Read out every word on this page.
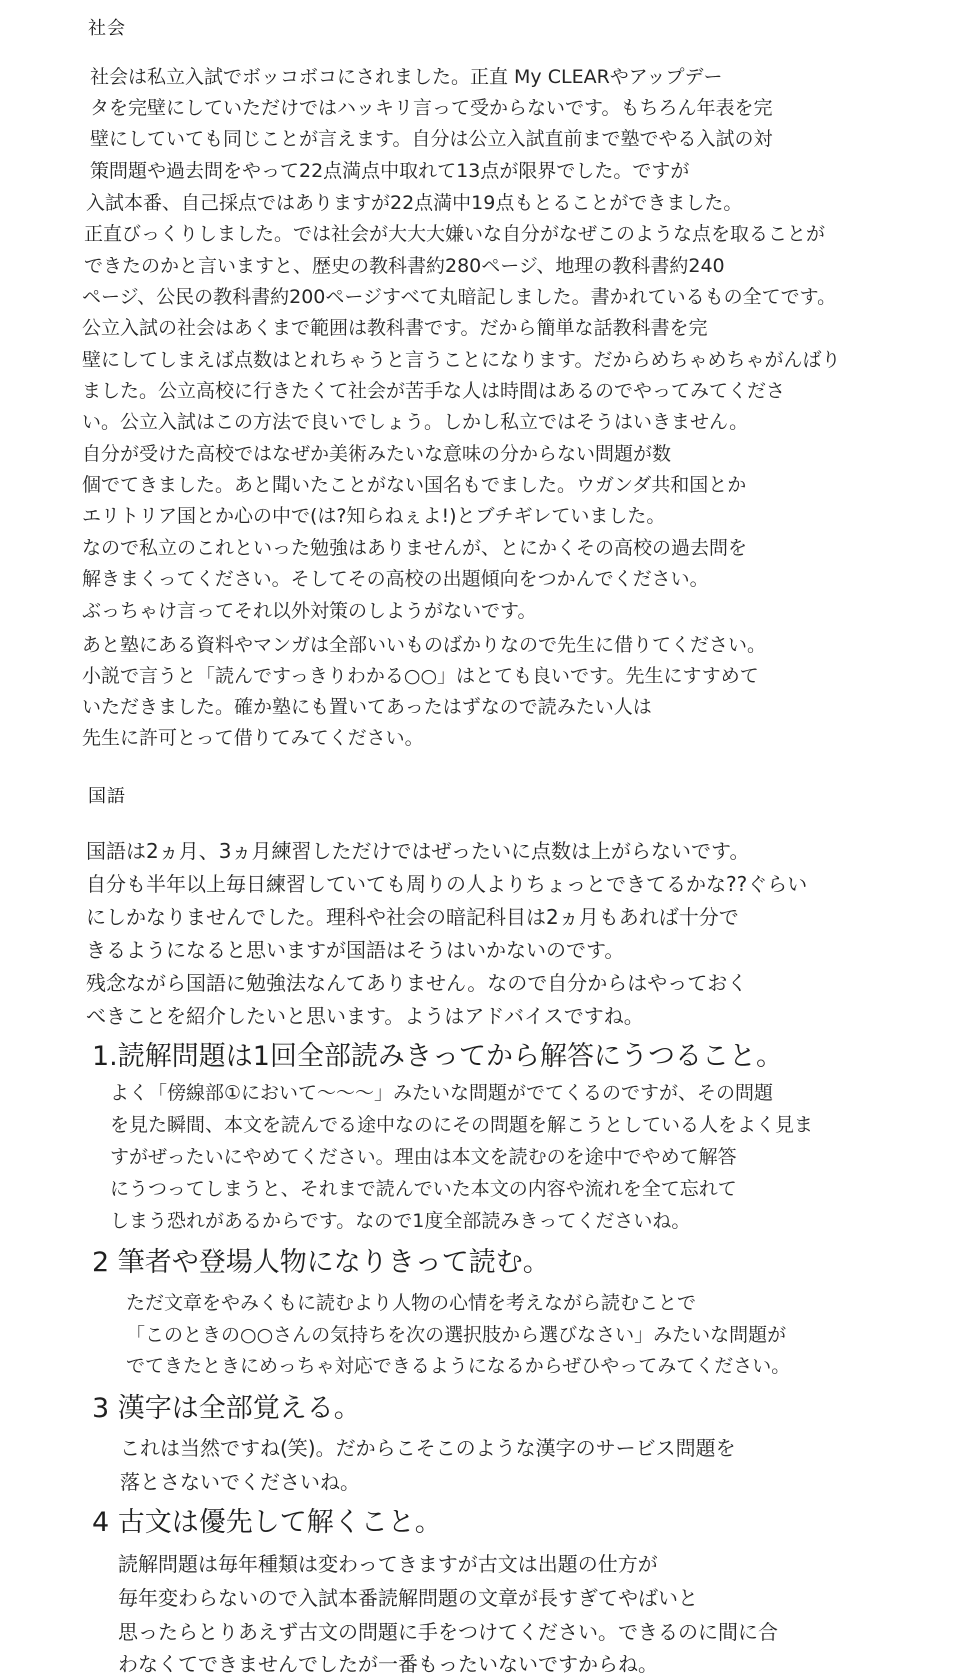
社会
国語
社会は私立入試でボッコボコにされました。正直 My CLEARやアップデー
タを完壁にしていただけではハッキリ言って受からないです。もちろん年表を完
壁にしていても同じことが言えます。自分は公立入試直前まで塾でやる入試の対
策問題や過去問をやって22点満点中取れて13点が限界でした。ですが
入試本番、自己採点ではありますが22点満中19点もとることができました。
正直びっくりしました。では社会が大大大嫌いな自分がなぜこのような点を取ることが
できたのかと言いますと、歴史の教科書約280ページ、地理の教科書約240
ページ、公民の教科書約200ページすべて丸暗記しました。書かれているもの全てです。
公立入試の社会はあくまで範囲は教科書です。だから簡単な話教科書を完
壁にしてしまえば点数はとれちゃうと言うことになります。だからめちゃめちゃがんばり
ました。公立高校に行きたくて社会が苦手な人は時間はあるのでやってみてくださ
い。公立入試はこの方法で良いでしょう。しかし私立ではそうはいきません。
自分が受けた高校ではなぜか美術みたいな意味の分からない問題が数
個でてきました。あと聞いたことがない国名もでました。ウガンダ共和国とか
エリトリア国とか心の中で(は?知らねぇよ!)とブチギレていました。
なので私立のこれといった勉強はありませんが、とにかくその高校の過去問を
解きまくってください。そしてその高校の出題傾向をつかんでください。
ぶっちゃけ言ってそれ以外対策のしようがないです。
あと塾にある資料やマンガは全部いいものばかりなので先生に借りてください。
小説で言うと「読んですっきりわかる○○」はとても良いです。先生にすすめて
いただきました。確か塾にも置いてあったはずなので読みたい人は
先生に許可とって借りてみてください。
国語は2ヵ月、3ヵ月練習しただけではぜったいに点数は上がらないです。
自分も半年以上毎日練習していても周りの人よりちょっとできてるかな??ぐらい
にしかなりませんでした。理科や社会の暗記科目は2ヵ月もあれば十分で
きるようになると思いますが国語はそうはいかないのです。
残念ながら国語に勉強法なんてありません。なので自分からはやっておく
べきことを紹介したいと思います。ようはアドバイスですね。
1.読解問題は1回全部読みきってから解答にうつること。
よく「傍線部①において〜〜〜」みたいな問題がでてくるのですが、その問題
を見た瞬間、本文を読んでる途中なのにその問題を解こうとしている人をよく見ま
すがぜったいにやめてください。理由は本文を読むのを途中でやめて解答
にうつってしまうと、それまで読んでいた本文の内容や流れを全て忘れて
しまう恐れがあるからです。なので1度全部読みきってくださいね。
2 筆者や登場人物になりきって読む。
ただ文章をやみくもに読むより人物の心情を考えながら読むことで
「このときの○○さんの気持ちを次の選択肢から選びなさい」みたいな問題が
でてきたときにめっちゃ対応できるようになるからぜひやってみてください。
3 漢字は全部覚える。
これは当然ですね(笑)。だからこそこのような漢字のサービス問題を
落とさないでくださいね。
4 古文は優先して解くこと。
読解問題は毎年種類は変わってきますが古文は出題の仕方が
毎年変わらないので入試本番読解問題の文章が長すぎてやばいと
思ったらとりあえず古文の問題に手をつけてください。できるのに間に合
わなくてできませんでしたが一番もったいないですからね。
